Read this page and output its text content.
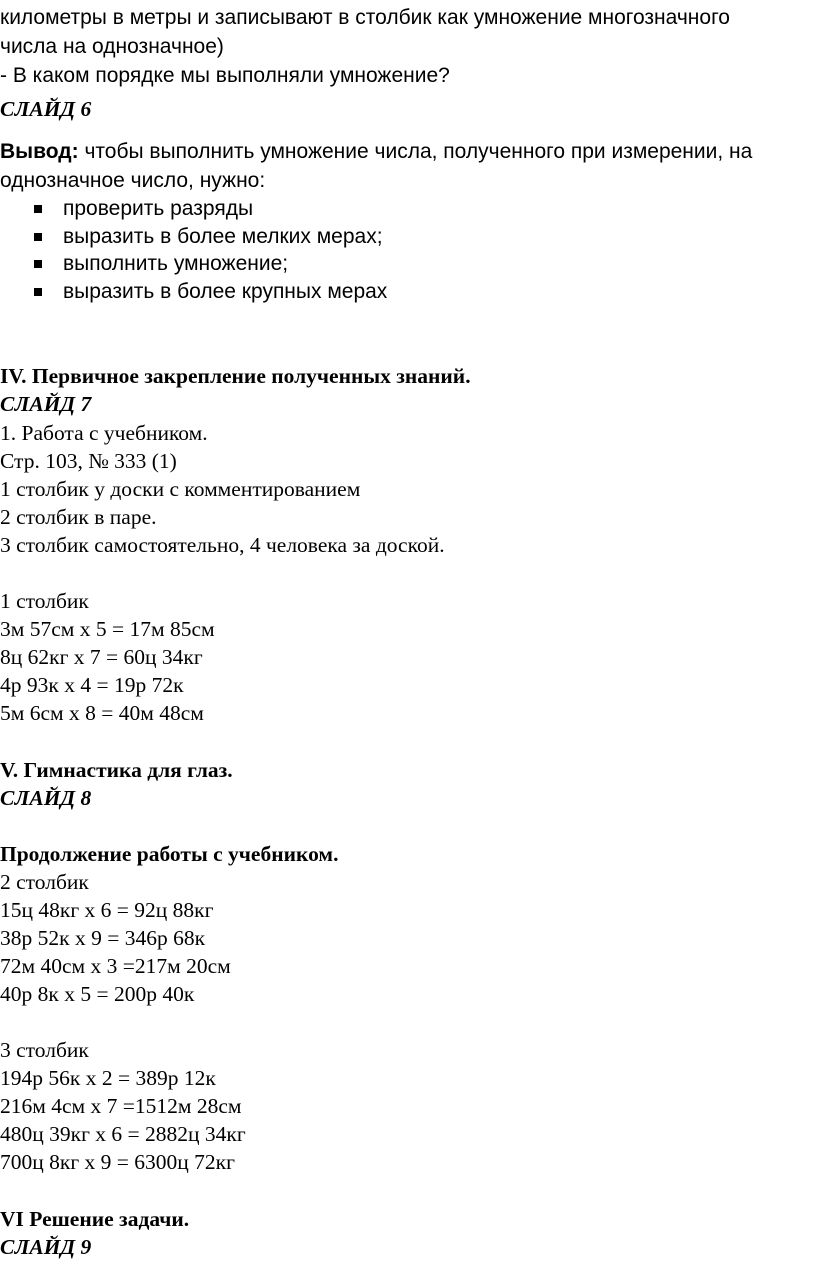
километры в метры и записывают в столбик как умножение многозначного
числа на однозначное)
- В каком порядке мы выполняли умножение?
СЛАЙД 6
Вывод: чтобы выполнить умножение числа, полученного при измерении, на
однозначное число, нужно:
проверить разряды
выразить в более мелких мерах;
выполнить умножение;
выразить в более крупных мерах
IV. Первичное закрепление полученных знаний.
СЛАЙД 7
1. Работа с учебником.
Стр. 103, № 333 (1)
1 столбик у доски с комментированием
2 столбик в паре.
3 столбик самостоятельно, 4 человека за доской.
1 столбик
3м 57см х 5 = 17м 85см
8ц 62кг х 7 = 60ц 34кг
4р 93к х 4 = 19р 72к
5м 6см х 8 = 40м 48см
V. Гимнастика для глаз.
СЛАЙД 8
Продолжение работы с учебником.
2 столбик
15ц 48кг х 6 = 92ц 88кг
38р 52к х 9 = 346р 68к
72м 40см х 3 =217м 20см
40р 8к х 5 = 200р 40к
3 столбик
194р 56к х 2 = 389р 12к
216м 4см х 7 =1512м 28см
480ц 39кг х 6 = 2882ц 34кг
700ц 8кг х 9 = 6300ц 72кг
VI Решение задачи.
СЛАЙД 9
